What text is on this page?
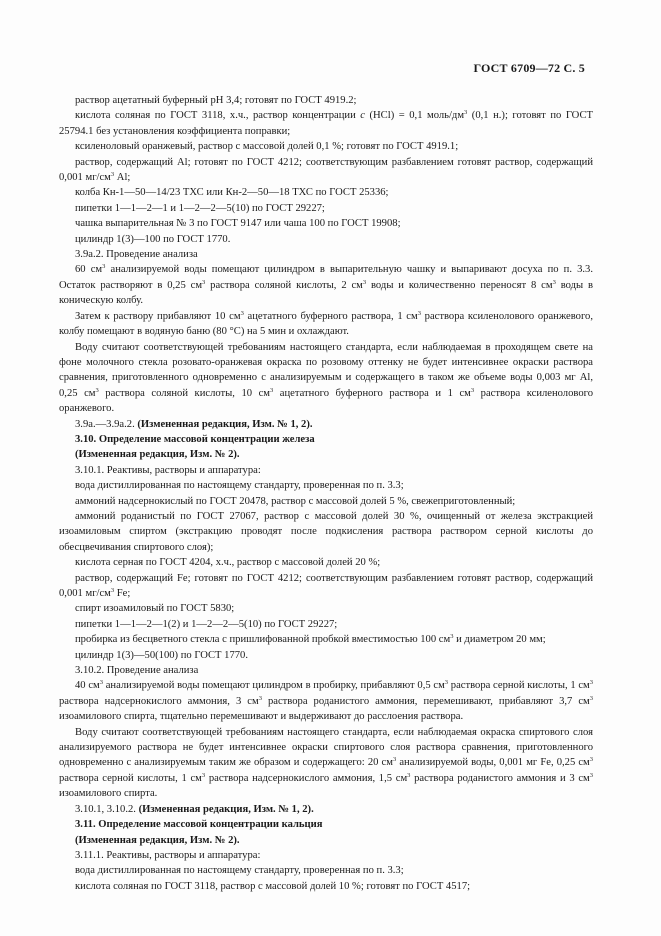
ГОСТ 6709—72 С. 5

раствор ацетатный буферный рН 3,4; готовят по ГОСТ 4919.2;

кислота соляная по ГОСТ 3118, х.ч., раствор концентрации с (HCl) = 0,1 моль/$дм^3$ (0,1 н.); готовят по ГОСТ 25794.1 без установления коэффициента поправки;

ксиленоловый оранжевый, раствор с массовой долей 0,1 %; готовят по ГОСТ 4919.1;

раствор, содержащий Al; готовят по ГОСТ 4212; соответствующим разбавлением готовят раствор, содержащий 0,001 $мг/см^3$ Al;

колба Кн-1—50—14/23 ТХС или Кн-2—50—18 ТХС по ГОСТ 25336;

пипетки 1—1—2—1 и 1—2—2—5(10) по ГОСТ 29227;

чашка выпарительная № 3 по ГОСТ 9147 или чаша 100 по ГОСТ 19908;

цилиндр 1(3)—100 по ГОСТ 1770.

3.9а.2. Проведение анализа

60 $см^3$ анализируемой воды помещают цилиндром в выпарительную чашку и выпаривают досуха по п. 3.3. Остаток растворяют в 0,25 $см^3$ раствора соляной кислоты, 2 $см^3$ воды и количественно переносят 8 $см^3$ воды в коническую колбу.

Затем к раствору прибавляют 10 $см^3$ ацетатного буферного раствора, 1 $см^3$ раствора ксиленолового оранжевого, колбу помещают в водяную баню (80 °С) на 5 мин и охлаждают.

Воду считают соответствующей требованиям настоящего стандарта, если наблюдаемая в проходящем свете на фоне молочного стекла розовато-оранжевая окраска по розовому оттенку не будет интенсивнее окраски раствора сравнения, приготовленного одновременно с анализируемым и содержащего в таком же объеме воды 0,003 мг Al, 0,25 $см^3$ раствора соляной кислоты, 10 $см^3$ ацетатного буферного раствора и 1 $см^3$ раствора ксиленолового оранжевого.

3.9а.—3.9а.2. (Измененная редакция, Изм. № 1, 2).

3.10. Определение массовой концентрации железа

(Измененная редакция, Изм. № 2).

3.10.1. Реактивы, растворы и аппаратура:

вода дистиллированная по настоящему стандарту, проверенная по п. 3.3;

аммоний надсернокислый по ГОСТ 20478, раствор с массовой долей 5 %, свежеприготовленный;

аммоний роданистый по ГОСТ 27067, раствор с массовой долей 30 %, очищенный от железа экстракцией изоамиловым спиртом (экстракцию проводят после подкисления раствора раствором серной кислоты до обесцвечивания спиртового слоя);

кислота серная по ГОСТ 4204, х.ч., раствор с массовой долей 20 %;

раствор, содержащий Fe; готовят по ГОСТ 4212; соответствующим разбавлением готовят раствор, содержащий 0,001 $мг/см^3$ Fe;

спирт изоамиловый по ГОСТ 5830;

пипетки 1—1—2—1(2) и 1—2—2—5(10) по ГОСТ 29227;

пробирка из бесцветного стекла с пришлифованной пробкой вместимостью 100 $см^3$ и диаметром 20 мм;

цилиндр 1(3)—50(100) по ГОСТ 1770.

3.10.2. Проведение анализа

40 $см^3$ анализируемой воды помещают цилиндром в пробирку, прибавляют 0,5 $см^3$ раствора серной кислоты, 1 $см^3$ раствора надсернокислого аммония, 3 $см^3$ раствора роданистого аммония, перемешивают, прибавляют 3,7 $см^3$ изоамилового спирта, тщательно перемешивают и выдерживают до расслоения раствора.

Воду считают соответствующей требованиям настоящего стандарта, если наблюдаемая окраска спиртового слоя анализируемого раствора не будет интенсивнее окраски спиртового слоя раствора сравнения, приготовленного одновременно с анализируемым таким же образом и содержащего: 20 $см^3$ анализируемой воды, 0,001 мг Fe, 0,25 $см^3$ раствора серной кислоты, 1 $см^3$ раствора надсернокислого аммония, 1,5 $см^3$ раствора роданистого аммония и 3 $см^3$ изоамилового спирта.

3.10.1, 3.10.2. (Измененная редакция, Изм. № 1, 2).

3.11. Определение массовой концентрации кальция

(Измененная редакция, Изм. № 2).

3.11.1. Реактивы, растворы и аппаратура:

вода дистиллированная по настоящему стандарту, проверенная по п. 3.3;

кислота соляная по ГОСТ 3118, раствор с массовой долей 10 %; готовят по ГОСТ 4517;
